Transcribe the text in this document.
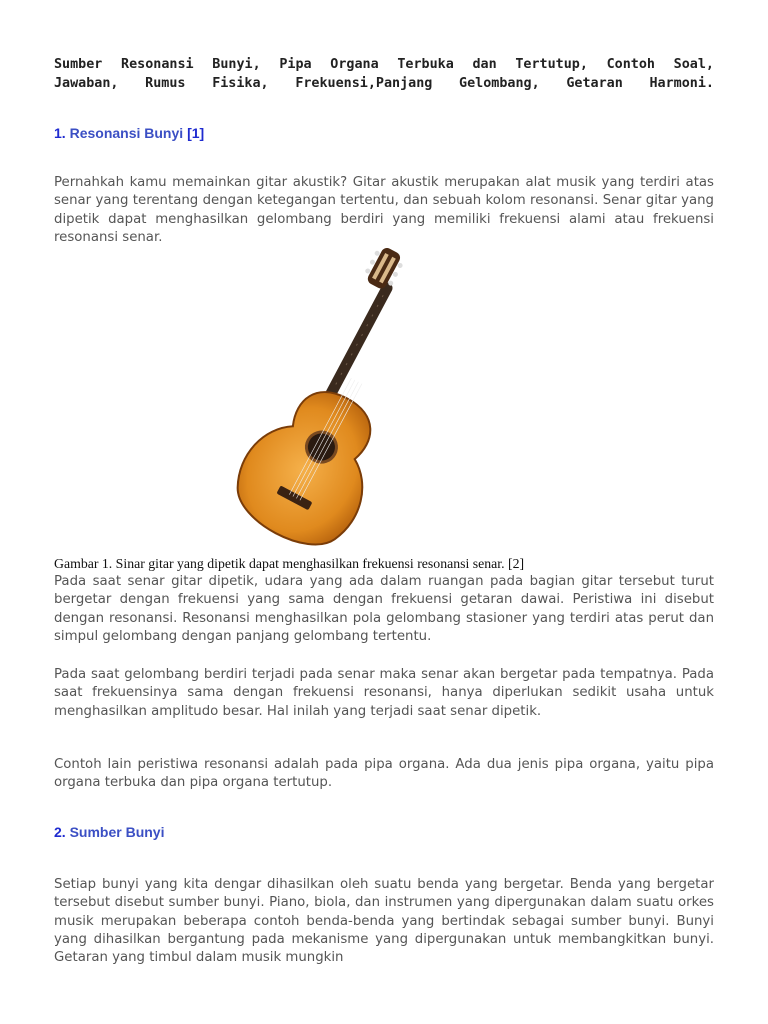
Sumber Resonansi Bunyi, Pipa Organa Terbuka dan Tertutup, Contoh Soal,
Jawaban, Rumus Fisika, Frekuensi,Panjang Gelombang, Getaran Harmoni.
1. Resonansi Bunyi [1]

Pernahkah kamu memainkan gitar akustik? Gitar akustik merupakan alat musik yang terdiri atas senar yang terentang dengan ketegangan tertentu, dan sebuah kolom resonansi. Senar gitar yang dipetik dapat menghasilkan gelombang berdiri yang memiliki frekuensi alami atau frekuensi resonansi senar.

Gambar 1. Sinar gitar yang dipetik dapat menghasilkan frekuensi resonansi senar. [2]

Pada saat senar gitar dipetik, udara yang ada dalam ruangan pada bagian gitar tersebut turut bergetar dengan frekuensi yang sama dengan frekuensi getaran dawai. Peristiwa ini disebut dengan resonansi. Resonansi menghasilkan pola gelombang stasioner yang terdiri atas perut dan simpul gelombang dengan panjang gelombang tertentu.

Pada saat gelombang berdiri terjadi pada senar maka senar akan bergetar pada tempatnya. Pada saat frekuensinya sama dengan frekuensi resonansi, hanya diperlukan sedikit usaha untuk menghasilkan amplitudo besar. Hal inilah yang terjadi saat senar dipetik.

Contoh lain peristiwa resonansi adalah pada pipa organa. Ada dua jenis pipa organa, yaitu pipa organa terbuka dan pipa organa tertutup.

2. Sumber Bunyi

Setiap bunyi yang kita dengar dihasilkan oleh suatu benda yang bergetar. Benda yang bergetar tersebut disebut sumber bunyi. Piano, biola, dan instrumen yang dipergunakan dalam suatu orkes musik merupakan beberapa contoh benda-benda yang bertindak sebagai sumber bunyi. Bunyi yang dihasilkan bergantung pada mekanisme yang dipergunakan untuk membangkitkan bunyi. Getaran yang timbul dalam musik mungkin
